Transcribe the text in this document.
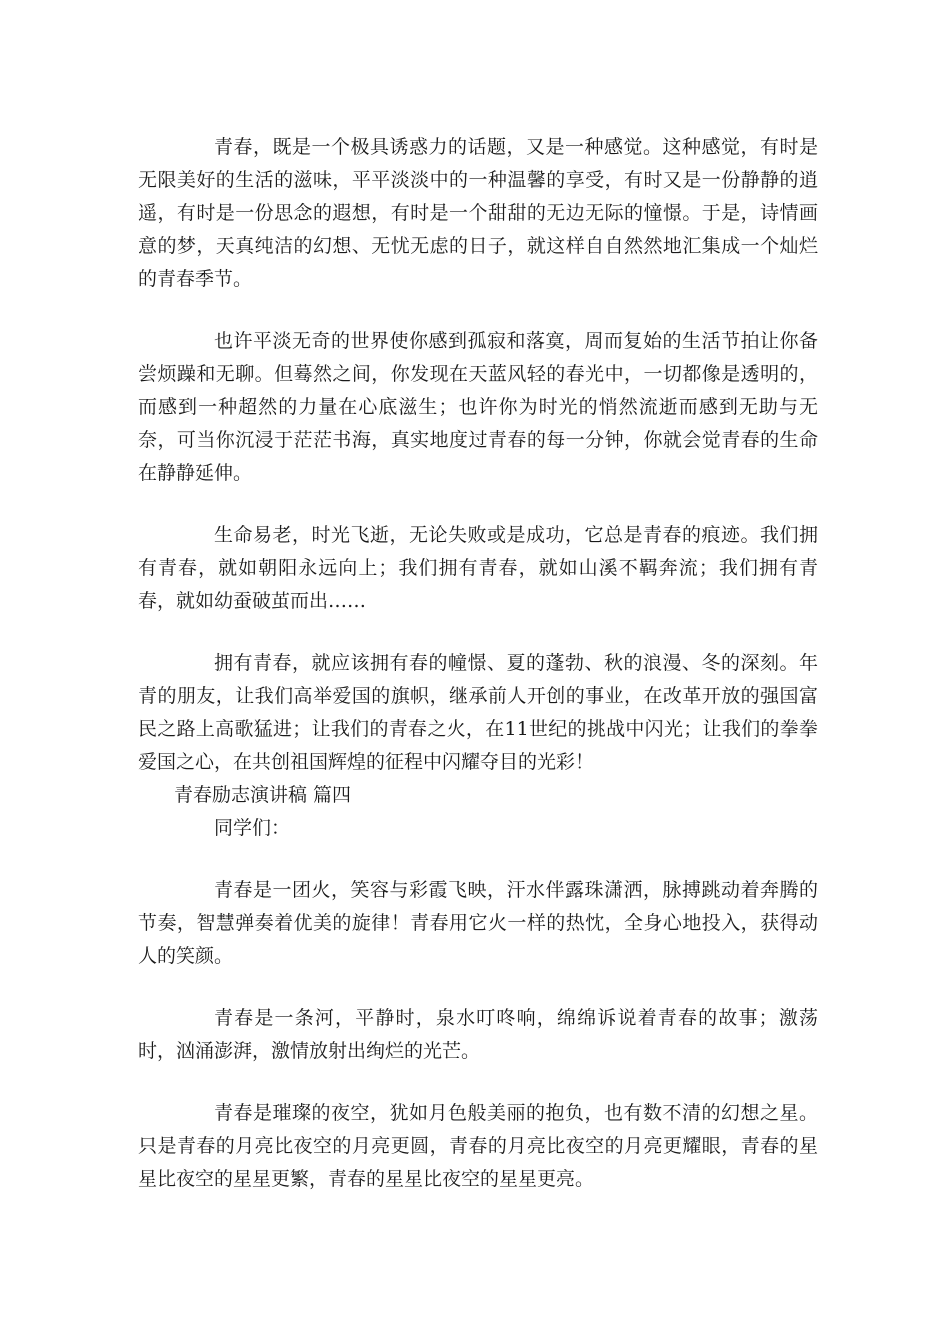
青春，既是一个极具诱惑力的话题，又是一种感觉。这种感觉，有时是无限美好的生活的滋味，平平淡淡中的一种温馨的享受，有时又是一份静静的逍遥，有时是一份思念的遐想，有时是一个甜甜的无边无际的憧憬。于是，诗情画意的梦，天真纯洁的幻想、无忧无虑的日子，就这样自自然然地汇集成一个灿烂的青春季节。

也许平淡无奇的世界使你感到孤寂和落寞，周而复始的生活节拍让你备尝烦躁和无聊。但蓦然之间，你发现在天蓝风轻的春光中，一切都像是透明的，而感到一种超然的力量在心底滋生；也许你为时光的悄然流逝而感到无助与无奈，可当你沉浸于茫茫书海，真实地度过青春的每一分钟，你就会觉青春的生命在静静延伸。

生命易老，时光飞逝，无论失败或是成功，它总是青春的痕迹。我们拥有青春，就如朝阳永远向上；我们拥有青春，就如山溪不羁奔流；我们拥有青春，就如幼蚕破茧而出……

拥有青春，就应该拥有春的幢憬、夏的蓬勃、秋的浪漫、冬的深刻。年青的朋友，让我们高举爱国的旗帜，继承前人开创的事业，在改革开放的强国富民之路上高歌猛进；让我们的青春之火，在11世纪的挑战中闪光；让我们的拳拳爱国之心，在共创祖国辉煌的征程中闪耀夺目的光彩！

青春励志演讲稿 篇四

同学们：

青春是一团火，笑容与彩霞飞映，汗水伴露珠潇洒，脉搏跳动着奔腾的节奏，智慧弹奏着优美的旋律！青春用它火一样的热忱，全身心地投入，获得动人的笑颜。

青春是一条河，平静时，泉水叮咚响，绵绵诉说着青春的故事；激荡时，汹涌澎湃，激情放射出绚烂的光芒。

青春是璀璨的夜空，犹如月色般美丽的抱负，也有数不清的幻想之星。只是青春的月亮比夜空的月亮更圆，青春的月亮比夜空的月亮更耀眼，青春的星星比夜空的星星更繁，青春的星星比夜空的星星更亮。
